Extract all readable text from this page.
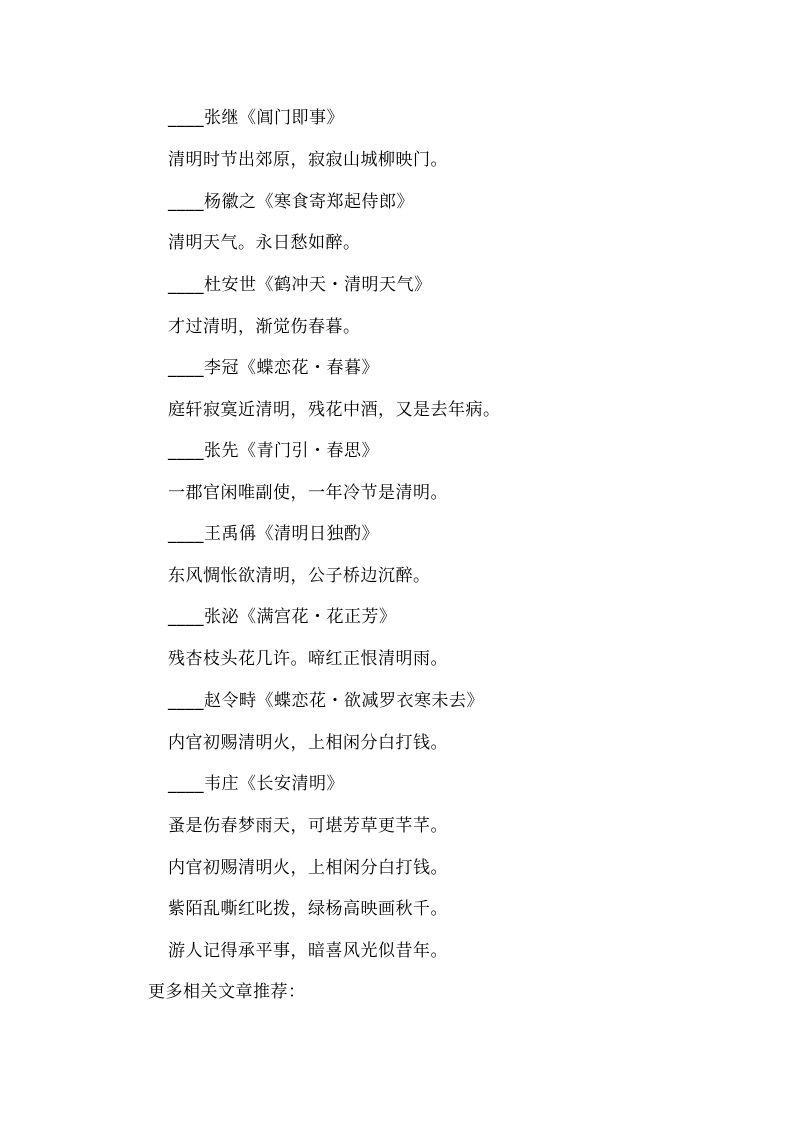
____张继《阊门即事》
清明时节出郊原，寂寂山城柳映门。
____杨徽之《寒食寄郑起侍郎》
清明天气。永日愁如醉。
____杜安世《鹤冲天・清明天气》
才过清明，渐觉伤春暮。
____李冠《蝶恋花・春暮》
庭轩寂寞近清明，残花中酒，又是去年病。
____张先《青门引・春思》
一郡官闲唯副使，一年冷节是清明。
____王禹偁《清明日独酌》
东风惆怅欲清明，公子桥边沉醉。
____张泌《满宫花・花正芳》
残杏枝头花几许。啼红正恨清明雨。
____赵令畤《蝶恋花・欲减罗衣寒未去》
内官初赐清明火，上相闲分白打钱。
____韦庄《长安清明》
蚤是伤春梦雨天，可堪芳草更芊芊。
内官初赐清明火，上相闲分白打钱。
紫陌乱嘶红叱拨，绿杨高映画秋千。
游人记得承平事，暗喜风光似昔年。
更多相关文章推荐：
